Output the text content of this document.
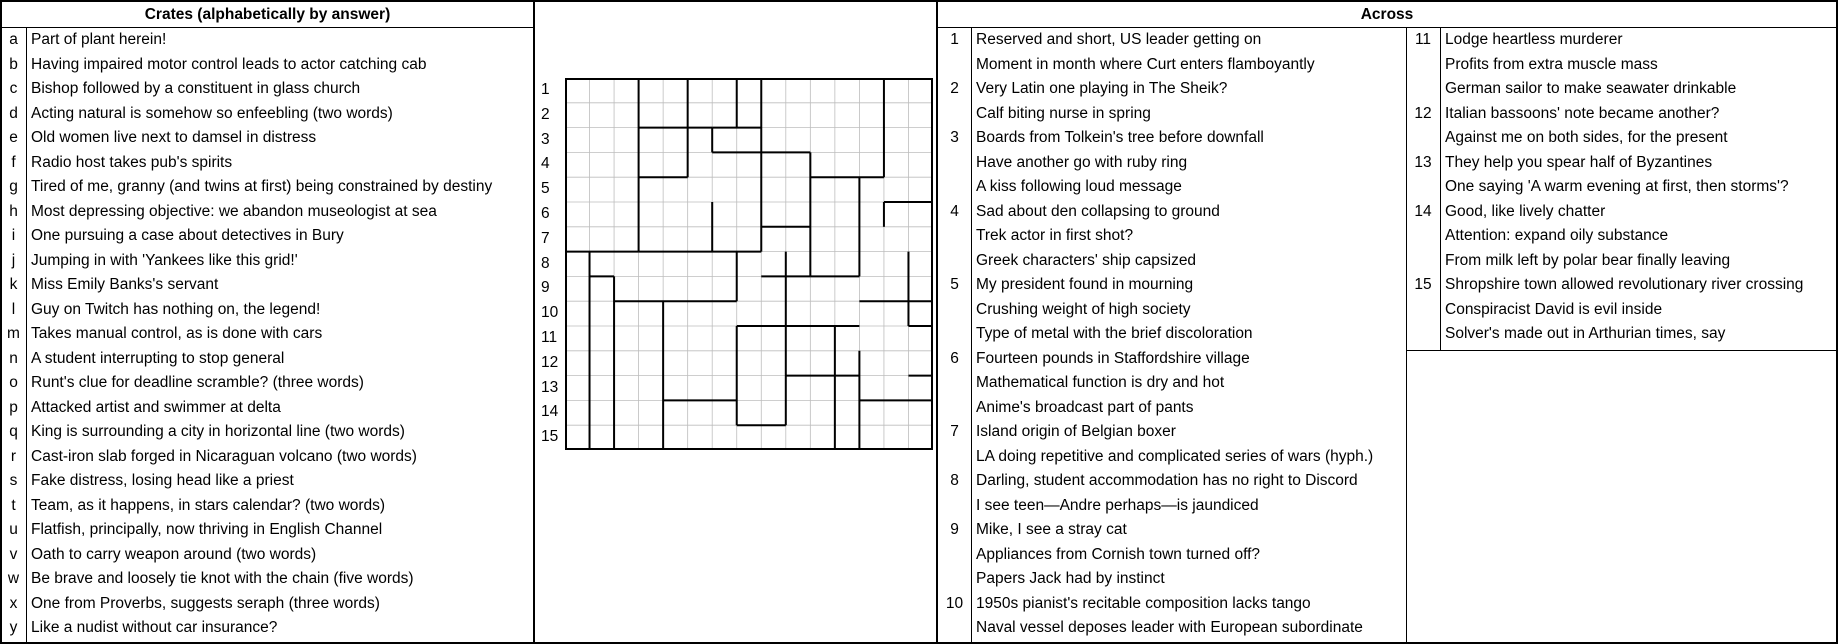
Crates (alphabetically by answer)
a Part of plant herein!
b Having impaired motor control leads to actor catching cab
c Bishop followed by a constituent in glass church
d Acting natural is somehow so enfeebling (two words)
e Old women live next to damsel in distress
f Radio host takes pub's spirits
g Tired of me, granny (and twins at first) being constrained by destiny
h Most depressing objective: we abandon museologist at sea
i	One pursuing a case about detectives in Bury
j	Jumping in with 'Yankees like this grid!'
k Miss Emily Banks's servant
l	Guy on Twitch has nothing on, the legend!
m Takes manual control, as is done with cars
n A student interrupting to stop general
o Runt's clue for deadline scramble? (three words)
p Attacked artist and swimmer at delta
q King is surrounding a city in horizontal line (two words)
r Cast-iron slab forged in Nicaraguan volcano (two words)
s Fake distress, losing head like a priest
t Team, as it happens, in stars calendar? (two words)
u Flatfish, principally, now thriving in English Channel
v Oath to carry weapon around (two words)
w Be brave and loosely tie knot with the chain (five words)
x One from Proverbs, suggests seraph (three words)
y Like a nudist without car insurance?
1
2
3
4
5
6
7
8
9
10
11
12
13
14
15
Across
1	Reserved and short, US leader getting on
Moment in month where Curt enters flamboyantly
2	Very Latin one playing in The Sheik?
Calf biting nurse in spring
3	Boards from Tolkein's tree before downfall
Have another go with ruby ring
A kiss following loud message
4	Sad about den collapsing to ground
Trek actor in first shot?
Greek characters' ship capsized
5	My president found in mourning
Crushing weight of high society
Type of metal with the brief discoloration
6	Fourteen pounds in Staffordshire village
Mathematical function is dry and hot
Anime's broadcast part of pants
7	Island origin of Belgian boxer
LA doing repetitive and complicated series of wars (hyph.)
8	Darling, student accommodation has no right to Discord
I see teen—Andre perhaps—is jaundiced
9	Mike, I see a stray cat
Appliances from Cornish town turned off?
Papers Jack had by instinct
10 1950s pianist's recitable composition lacks tango
Naval vessel deposes leader with European subordinate
11 Lodge heartless murderer
Profits from extra muscle mass
German sailor to make seawater drinkable
12 Italian bassoons' note became another?
Against me on both sides, for the present
13 They help you spear half of Byzantines
One saying 'A warm evening at first, then storms'?
14 Good, like lively chatter
Attention: expand oily substance
From milk left by polar bear finally leaving
15 Shropshire town allowed revolutionary river crossing
Conspiracist David is evil inside
Solver's made out in Arthurian times, say
